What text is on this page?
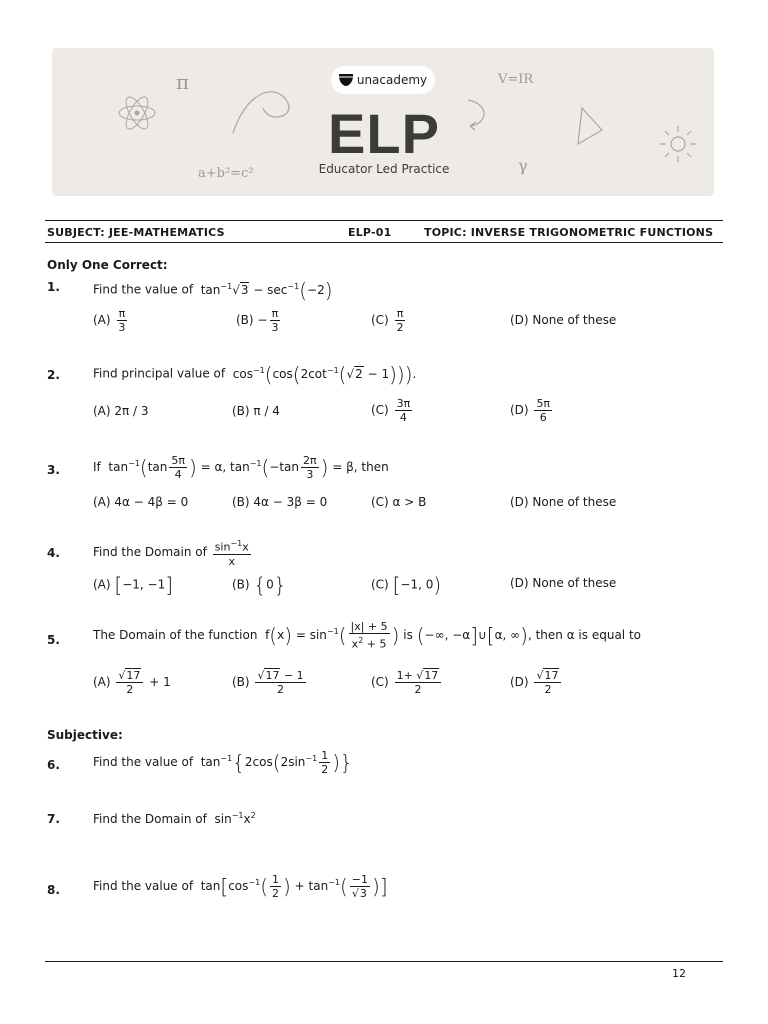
π	V=IR
a+b²=c²	γ
unacademy
ELP
Educator Led Practice
SUBJECT: JEE-MATHEMATICS	ELP-01	TOPIC: INVERSE TRIGONOMETRIC FUNCTIONS
Only One Correct:
1.	Find the value of  $\tan^{-1}√3 - \sec^{-1}(-2)$
$(A) \frac{\pi}{3}$	$(B) - \frac{\pi}{3}$	$(C) \frac{\pi}{2}$	(D) None of these
2.	Find principal value of  $\cos^{-1}(\cos(2\cot^{-1}(√2 - 1)))$.
(A) 2π / 3	(B) π / 4	$(C) \frac{3\pi}{4}$	$(D) \frac{5\pi}{6}$
3.	If  $\tan^{-1}(\tan \frac{5\pi}{4}$ ) = α, $\tan^{-1}(-\tan \frac{2\pi}{3}$ ) = β, then
(A) 4α − 4β = 0	(B) 4α − 3β = 0	(C) α > B	(D) None of these
4.	Find the Domain of $\frac{\sin^{-1}x}{x}$
(A) [−1, −1]	(B) {0}	(C) [−1, 0)	(D) None of these
5.	The Domain of the function  $f(x) = \sin^{-1}( \frac{|x| + 5}{x^2 + 5}$ ) is (−∞, −α]∪[α, ∞), then α is equal to
$(A) \frac{√17}{2} + 1$	$(B) \frac{√17 - 1}{2}$	$(C) \frac{1+ √17}{2}$	$(D) \frac{√17}{2}$
Subjective:
6.	Find the value of  $\tan^{-1}\{2\cos(2\sin^{-1} \frac{1}{2}$ )}
7.	Find the Domain of  $\sin^{-1}x^2$
8.	Find the value of  $\tan[\cos^{-1}( \frac{1}{2}$ ) + $\tan^{-1}( \frac{-1}{√3}$ )]
12
